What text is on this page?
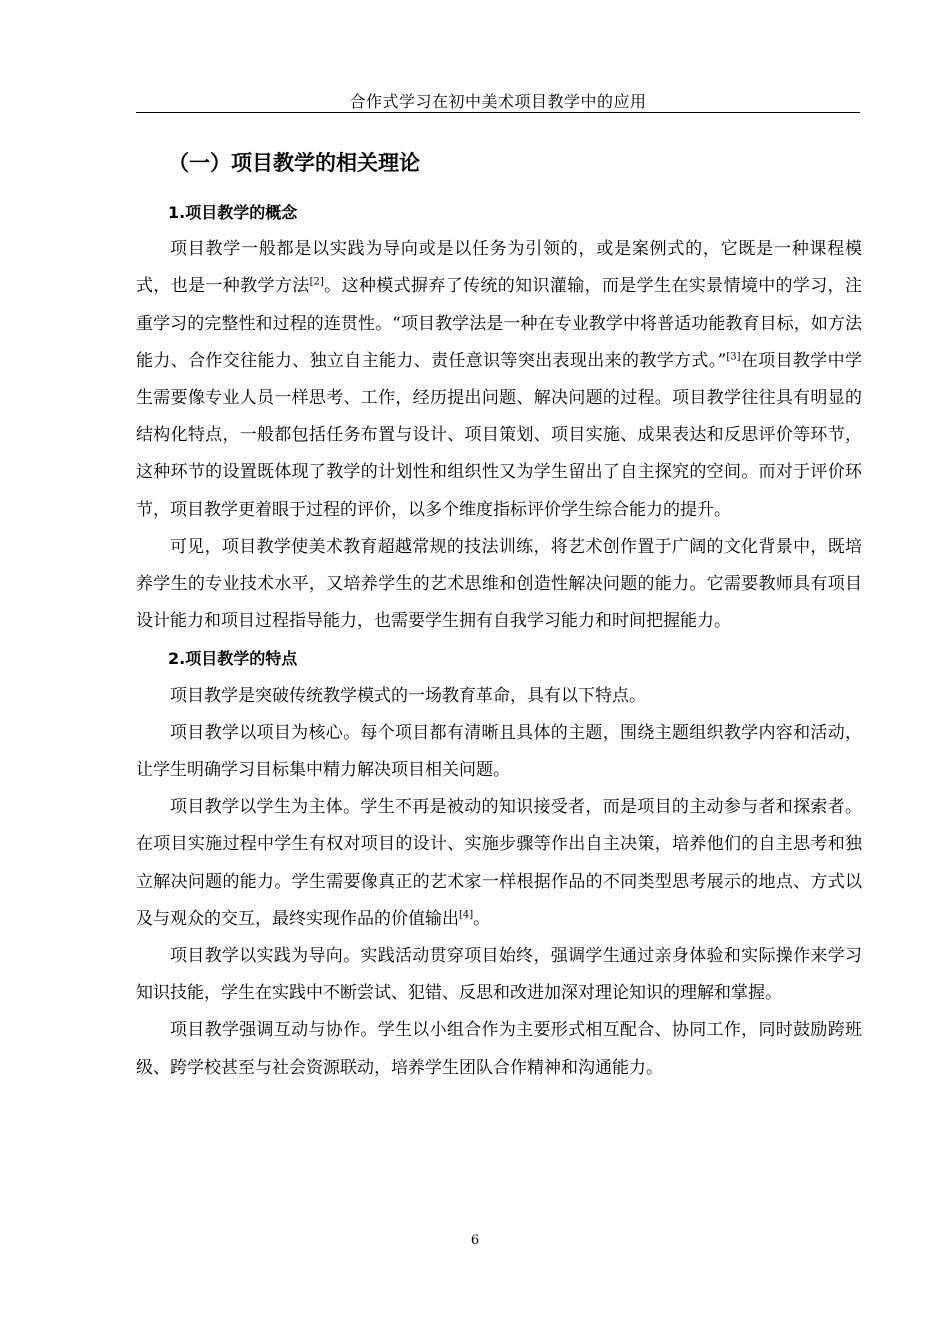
合作式学习在初中美术项目教学中的应用
（一）项目教学的相关理论

1.项目教学的概念

项目教学一般都是以实践为导向或是以任务为引领的，或是案例式的，它既是一种课程模式，也是一种教学方法[2]。这种模式摒弃了传统的知识灌输，而是学生在实景情境中的学习，注重学习的完整性和过程的连贯性。“项目教学法是一种在专业教学中将普适功能教育目标，如方法能力、合作交往能力、独立自主能力、责任意识等突出表现出来的教学方式。”[3]在项目教学中学生需要像专业人员一样思考、工作，经历提出问题、解决问题的过程。项目教学往往具有明显的结构化特点，一般都包括任务布置与设计、项目策划、项目实施、成果表达和反思评价等环节，这种环节的设置既体现了教学的计划性和组织性又为学生留出了自主探究的空间。而对于评价环节，项目教学更着眼于过程的评价，以多个维度指标评价学生综合能力的提升。

可见，项目教学使美术教育超越常规的技法训练，将艺术创作置于广阔的文化背景中，既培养学生的专业技术水平，又培养学生的艺术思维和创造性解决问题的能力。它需要教师具有项目设计能力和项目过程指导能力，也需要学生拥有自我学习能力和时间把握能力。

2.项目教学的特点

项目教学是突破传统教学模式的一场教育革命，具有以下特点。

项目教学以项目为核心。每个项目都有清晰且具体的主题，围绕主题组织教学内容和活动，让学生明确学习目标集中精力解决项目相关问题。

项目教学以学生为主体。学生不再是被动的知识接受者，而是项目的主动参与者和探索者。在项目实施过程中学生有权对项目的设计、实施步骤等作出自主决策，培养他们的自主思考和独立解决问题的能力。学生需要像真正的艺术家一样根据作品的不同类型思考展示的地点、方式以及与观众的交互，最终实现作品的价值输出[4]。

项目教学以实践为导向。实践活动贯穿项目始终，强调学生通过亲身体验和实际操作来学习知识技能，学生在实践中不断尝试、犯错、反思和改进加深对理论知识的理解和掌握。

项目教学强调互动与协作。学生以小组合作为主要形式相互配合、协同工作，同时鼓励跨班级、跨学校甚至与社会资源联动，培养学生团队合作精神和沟通能力。

6
